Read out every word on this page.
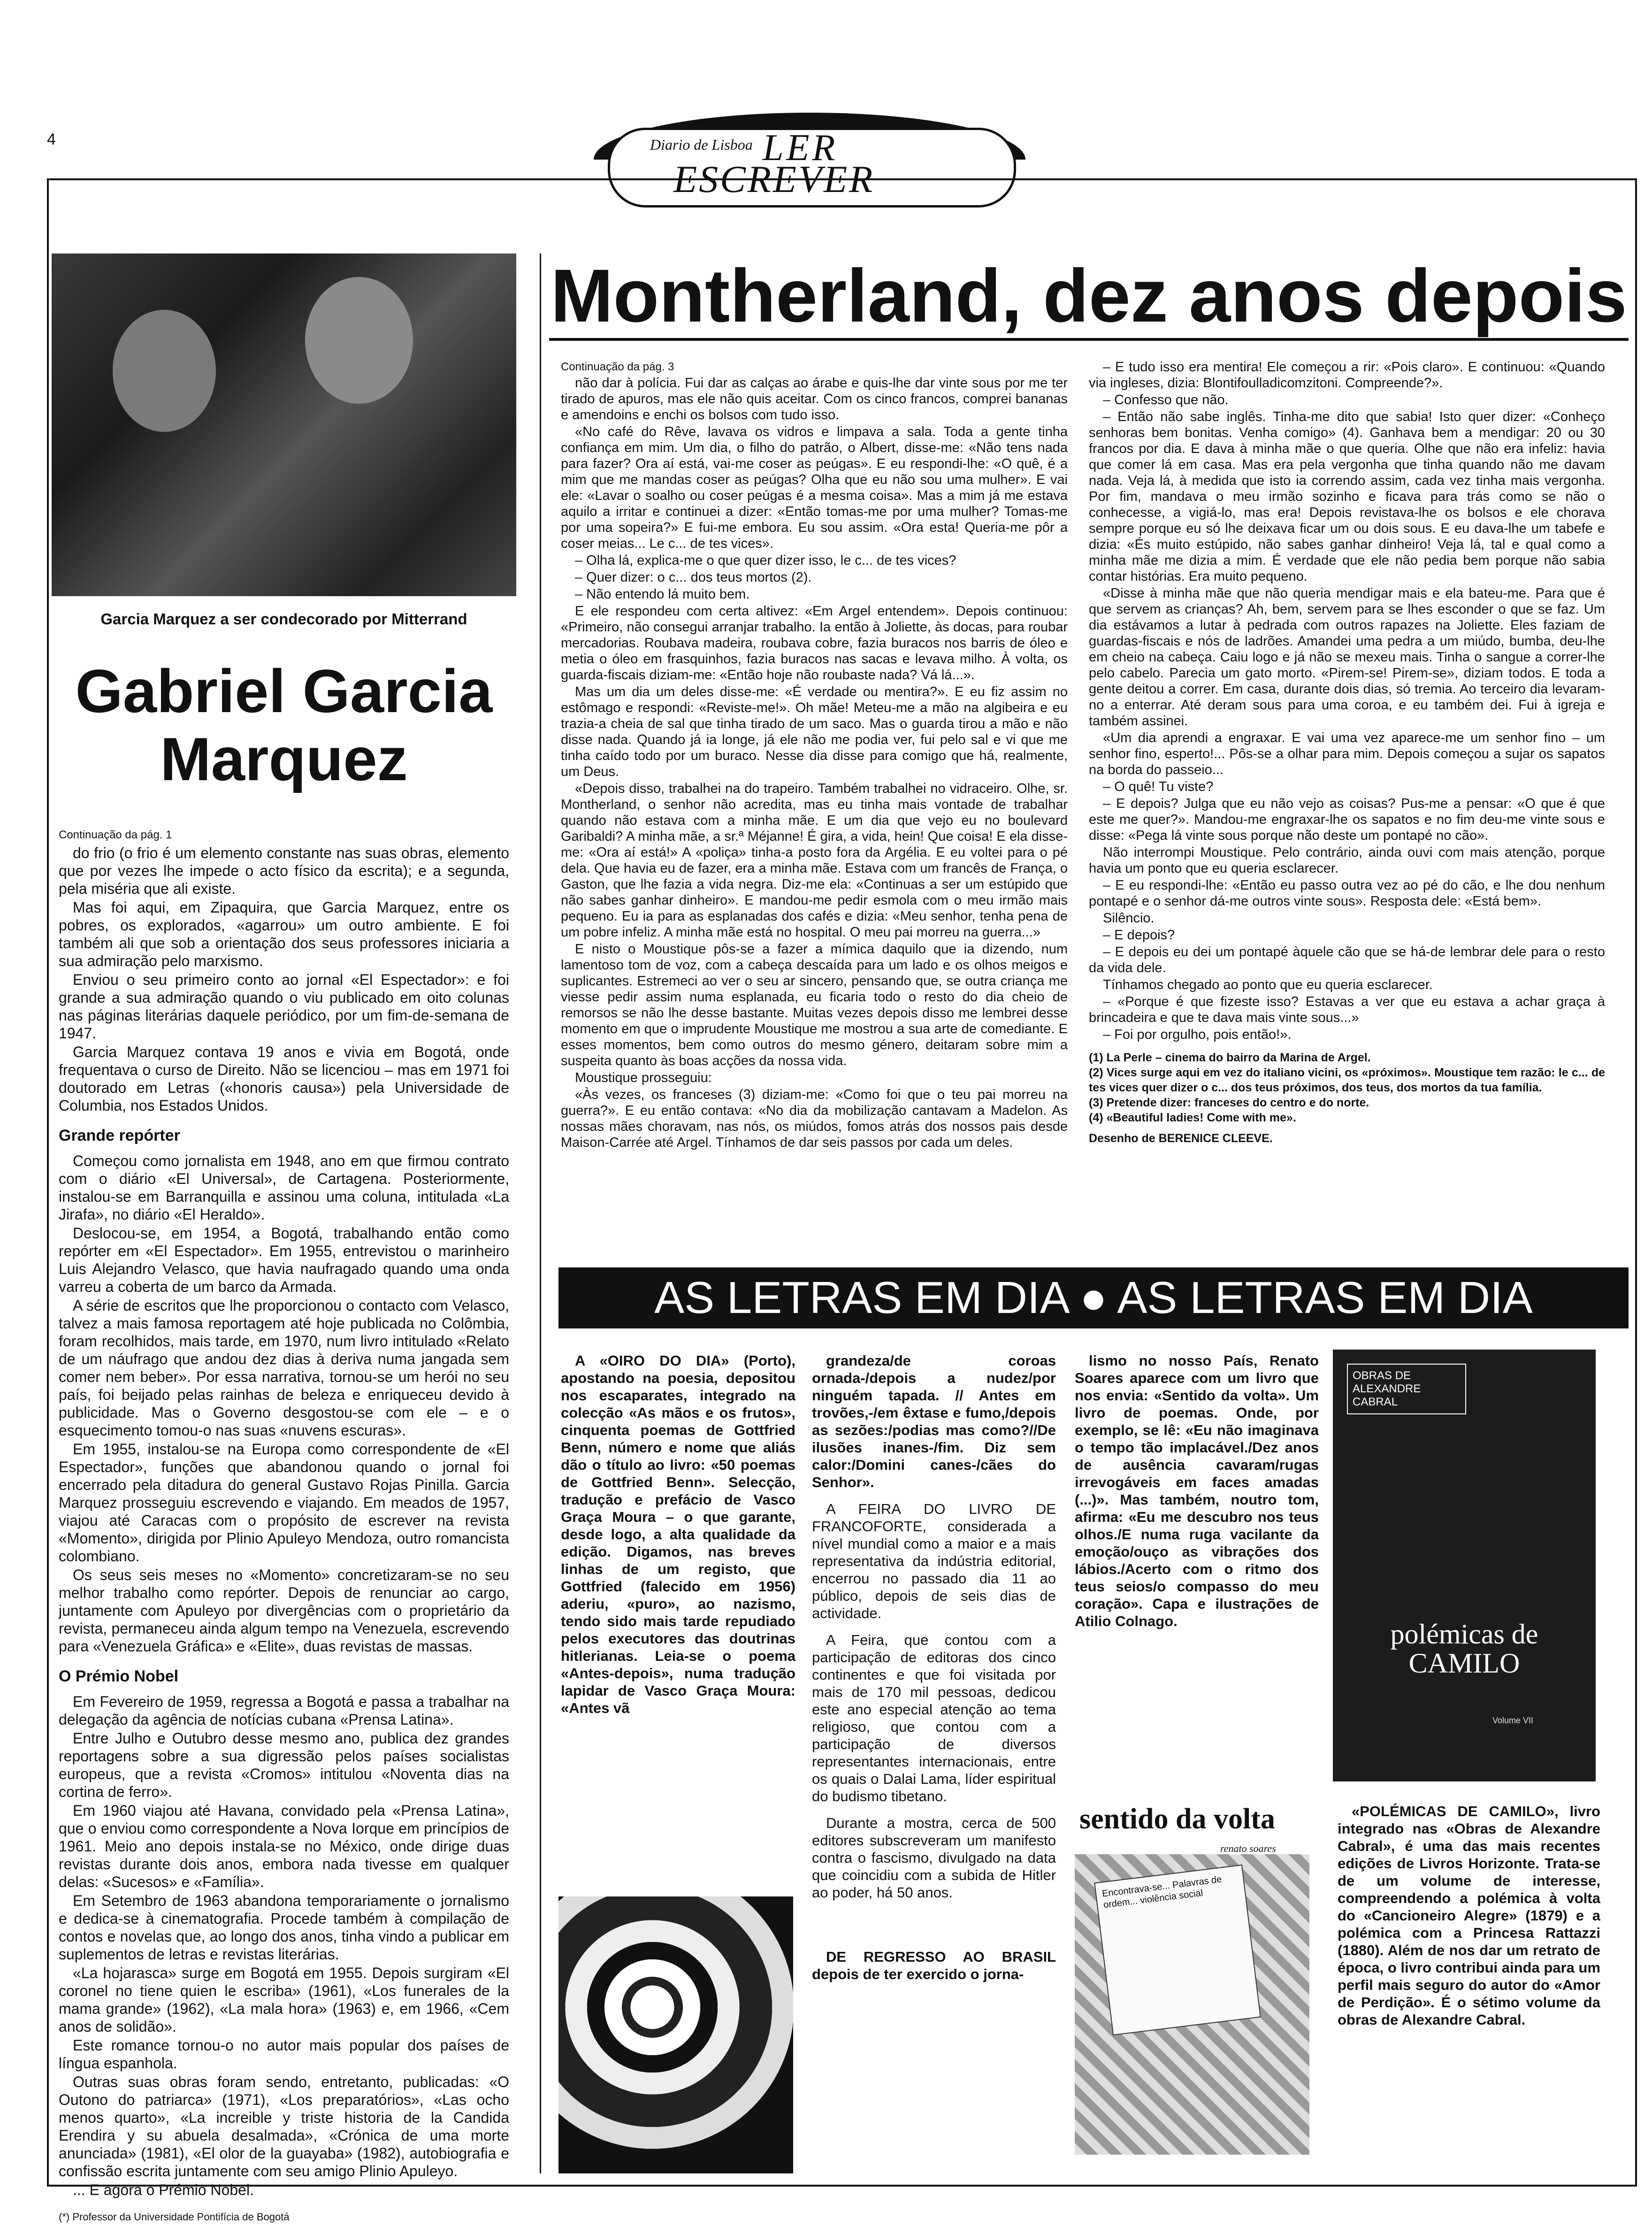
4	Diario de Lisboa LER
ESCREVER
Garcia Marquez a ser condecorado por Mitterrand
Gabriel Garcia Marquez
Continuação da pág. 1

do frio (o frio é um elemento constante nas suas obras, elemento que por vezes lhe impede o acto físico da escrita); e a segunda, pela miséria que ali existe.

Mas foi aqui, em Zipaquira, que Garcia Marquez, entre os pobres, os explorados, «agarrou» um outro ambiente. E foi também ali que sob a orientação dos seus professores iniciaria a sua admiração pelo marxismo.

Enviou o seu primeiro conto ao jornal «El Espectador»: e foi grande a sua admiração quando o viu publicado em oito colunas nas páginas literárias daquele periódico, por um fim-de-semana de 1947.

Garcia Marquez contava 19 anos e vivia em Bogotá, onde frequentava o curso de Direito. Não se licenciou – mas em 1971 foi doutorado em Letras («honoris causa») pela Universidade de Columbia, nos Estados Unidos.

Grande repórter

Começou como jornalista em 1948, ano em que firmou contrato com o diário «El Universal», de Cartagena. Posteriormente, instalou-se em Barranquilla e assinou uma coluna, intitulada «La Jirafa», no diário «El Heraldo».

Deslocou-se, em 1954, a Bogotá, trabalhando então como repórter em «El Espectador». Em 1955, entrevistou o marinheiro Luis Alejandro Velasco, que havia naufragado quando uma onda varreu a coberta de um barco da Armada.

A série de escritos que lhe proporcionou o contacto com Velasco, talvez a mais famosa reportagem até hoje publicada no Colômbia, foram recolhidos, mais tarde, em 1970, num livro intitulado «Relato de um náufrago que andou dez dias à deriva numa jangada sem comer nem beber». Por essa narrativa, tornou-se um herói no seu país, foi beijado pelas rainhas de beleza e enriqueceu devido à publicidade. Mas o Governo desgostou-se com ele – e o esquecimento tomou-o nas suas «nuvens escuras».

Em 1955, instalou-se na Europa como correspondente de «El Espectador», funções que abandonou quando o jornal foi encerrado pela ditadura do general Gustavo Rojas Pinilla. Garcia Marquez prosseguiu escrevendo e viajando. Em meados de 1957, viajou até Caracas com o propósito de escrever na revista «Momento», dirigida por Plinio Apuleyo Mendoza, outro romancista colombiano.

Os seus seis meses no «Momento» concretizaram-se no seu melhor trabalho como repórter. Depois de renunciar ao cargo, juntamente com Apuleyo por divergências com o proprietário da revista, permaneceu ainda algum tempo na Venezuela, escrevendo para «Venezuela Gráfica» e «Elite», duas revistas de massas.

O Prémio Nobel

Em Fevereiro de 1959, regressa a Bogotá e passa a trabalhar na delegação da agência de notícias cubana «Prensa Latina».

Entre Julho e Outubro desse mesmo ano, publica dez grandes reportagens sobre a sua digressão pelos países socialistas europeus, que a revista «Cromos» intitulou «Noventa dias na cortina de ferro».

Em 1960 viajou até Havana, convidado pela «Prensa Latina», que o enviou como correspondente a Nova Iorque em princípios de 1961. Meio ano depois instala-se no México, onde dirige duas revistas durante dois anos, embora nada tivesse em qualquer delas: «Sucesos» e «Família».

Em Setembro de 1963 abandona temporariamente o jornalismo e dedica-se à cinematografia. Procede também à compilação de contos e novelas que, ao longo dos anos, tinha vindo a publicar em suplementos de letras e revistas literárias.

«La hojarasca» surge em Bogotá em 1955. Depois surgiram «El coronel no tiene quien le escriba» (1961), «Los funerales de la mama grande» (1962), «La mala hora» (1963) e, em 1966, «Cem anos de solidão».

Este romance tornou-o no autor mais popular dos países de língua espanhola.

Outras suas obras foram sendo, entretanto, publicadas: «O Outono do patriarca» (1971), «Los preparatórios», «Las ocho menos quarto», «La increible y triste historia de la Candida Erendira y su abuela desalmada», «Crónica de uma morte anunciada» (1981), «El olor de la guayaba» (1982), autobiografia e confissão escrita juntamente com seu amigo Plinio Apuleyo.

... E agora o Prémio Nobel.

(*) Professor da Universidade Pontifícia de Bogotá
Montherland, dez anos depois
Continuação da pág. 3

não dar à polícia. Fui dar as calças ao árabe e quis-lhe dar vinte sous por me ter tirado de apuros, mas ele não quis aceitar. Com os cinco francos, comprei bananas e amendoins e enchi os bolsos com tudo isso.

«No café do Rêve, lavava os vidros e limpava a sala. Toda a gente tinha confiança em mim. Um dia, o filho do patrão, o Albert, disse-me: «Não tens nada para fazer? Ora aí está, vai-me coser as peúgas». E eu respondi-lhe: «O quê, é a mim que me mandas coser as peúgas? Olha que eu não sou uma mulher». E vai ele: «Lavar o soalho ou coser peúgas é a mesma coisa». Mas a mim já me estava aquilo a irritar e continuei a dizer: «Então tomas-me por uma mulher? Tomas-me por uma sopeira?» E fui-me embora. Eu sou assim. «Ora esta! Queria-me pôr a coser meias... Le c... de tes vices».

– Olha lá, explica-me o que quer dizer isso, le c... de tes vices?

– Quer dizer: o c... dos teus mortos (2).

– Não entendo lá muito bem.

E ele respondeu com certa altivez: «Em Argel entendem». Depois continuou: «Primeiro, não consegui arranjar trabalho. Ia então à Joliette, às docas, para roubar mercadorias. Roubava madeira, roubava cobre, fazia buracos nos barris de óleo e metia o óleo em frasquinhos, fazia buracos nas sacas e levava milho. À volta, os guarda-fiscais diziam-me: «Então hoje não roubaste nada? Vá lá...».

Mas um dia um deles disse-me: «É verdade ou mentira?». E eu fiz assim no estômago e respondi: «Reviste-me!». Oh mãe! Meteu-me a mão na algibeira e eu trazia-a cheia de sal que tinha tirado de um saco. Mas o guarda tirou a mão e não disse nada. Quando já ia longe, já ele não me podia ver, fui pelo sal e vi que me tinha caído todo por um buraco. Nesse dia disse para comigo que há, realmente, um Deus.

«Depois disso, trabalhei na do trapeiro. Também trabalhei no vidraceiro. Olhe, sr. Montherland, o senhor não acredita, mas eu tinha mais vontade de trabalhar quando não estava com a minha mãe. E um dia que vejo eu no boulevard Garibaldi? A minha mãe, a sr.ª Méjanne! É gira, a vida, hein! Que coisa! E ela disse-me: «Ora aí está!» A «poliça» tinha-a posto fora da Argélia. E eu voltei para o pé dela. Que havia eu de fazer, era a minha mãe. Estava com um francês de França, o Gaston, que lhe fazia a vida negra. Diz-me ela: «Continuas a ser um estúpido que não sabes ganhar dinheiro». E mandou-me pedir esmola com o meu irmão mais pequeno. Eu ia para as esplanadas dos cafés e dizia: «Meu senhor, tenha pena de um pobre infeliz. A minha mãe está no hospital. O meu pai morreu na guerra...»

E nisto o Moustique pôs-se a fazer a mímica daquilo que ia dizendo, num lamentoso tom de voz, com a cabeça descaída para um lado e os olhos meigos e suplicantes. Estremeci ao ver o seu ar sincero, pensando que, se outra criança me viesse pedir assim numa esplanada, eu ficaria todo o resto do dia cheio de remorsos se não lhe desse bastante. Muitas vezes depois disso me lembrei desse momento em que o imprudente Moustique me mostrou a sua arte de comediante. E esses momentos, bem como outros do mesmo género, deitaram sobre mim a suspeita quanto às boas acções da nossa vida.

Moustique prosseguiu:

«Às vezes, os franceses (3) diziam-me: «Como foi que o teu pai morreu na guerra?». E eu então contava: «No dia da mobilização cantavam a Madelon. As nossas mães choravam, nas nós, os miúdos, fomos atrás dos nossos pais desde Maison-Carrée até Argel. Tínhamos de dar seis passos por cada um deles.

– E tudo isso era mentira! Ele começou a rir: «Pois claro». E continuou: «Quando via ingleses, dizia: Blontifoulladicomzitoni. Compreende?».

– Confesso que não.

– Então não sabe inglês. Tinha-me dito que sabia! Isto quer dizer: «Conheço senhoras bem bonitas. Venha comigo» (4). Ganhava bem a mendigar: 20 ou 30 francos por dia. E dava à minha mãe o que queria. Olhe que não era infeliz: havia que comer lá em casa. Mas era pela vergonha que tinha quando não me davam nada. Veja lá, à medida que isto ia correndo assim, cada vez tinha mais vergonha. Por fim, mandava o meu irmão sozinho e ficava para trás como se não o conhecesse, a vigiá-lo, mas era! Depois revistava-lhe os bolsos e ele chorava sempre porque eu só lhe deixava ficar um ou dois sous. E eu dava-lhe um tabefe e dizia: «És muito estúpido, não sabes ganhar dinheiro! Veja lá, tal e qual como a minha mãe me dizia a mim. É verdade que ele não pedia bem porque não sabia contar histórias. Era muito pequeno.

«Disse à minha mãe que não queria mendigar mais e ela bateu-me. Para que é que servem as crianças? Ah, bem, servem para se lhes esconder o que se faz. Um dia estávamos a lutar à pedrada com outros rapazes na Joliette. Eles faziam de guardas-fiscais e nós de ladrões. Amandei uma pedra a um miúdo, bumba, deu-lhe em cheio na cabeça. Caiu logo e já não se mexeu mais. Tinha o sangue a correr-lhe pelo cabelo. Parecia um gato morto. «Pirem-se! Pirem-se», diziam todos. E toda a gente deitou a correr. Em casa, durante dois dias, só tremia. Ao terceiro dia levaram-no a enterrar. Até deram sous para uma coroa, e eu também dei. Fui à igreja e também assinei.

«Um dia aprendi a engraxar. E vai uma vez aparece-me um senhor fino – um senhor fino, esperto!... Pôs-se a olhar para mim. Depois começou a sujar os sapatos na borda do passeio...

– O quê! Tu viste?

– E depois? Julga que eu não vejo as coisas? Pus-me a pensar: «O que é que este me quer?». Mandou-me engraxar-lhe os sapatos e no fim deu-me vinte sous e disse: «Pega lá vinte sous porque não deste um pontapé no cão».

Não interrompi Moustique. Pelo contrário, ainda ouvi com mais atenção, porque havia um ponto que eu queria esclarecer.

– E eu respondi-lhe: «Então eu passo outra vez ao pé do cão, e lhe dou nenhum pontapé e o senhor dá-me outros vinte sous». Resposta dele: «Está bem».

Silêncio.

– E depois?

– E depois eu dei um pontapé àquele cão que se há-de lembrar dele para o resto da vida dele.

Tínhamos chegado ao ponto que eu queria esclarecer.

– «Porque é que fizeste isso? Estavas a ver que eu estava a achar graça à brincadeira e que te dava mais vinte sous...»

– Foi por orgulho, pois então!».

(1) La Perle – cinema do bairro da Marina de Argel.
(2) Vices surge aqui em vez do italiano vicini, os «próximos». Moustique tem razão: le c... de tes vices quer dizer o c... dos teus próximos, dos teus, dos mortos da tua família.
(3) Pretende dizer: franceses do centro e do norte.
(4) «Beautiful ladies! Come with me».
Desenho de BERENICE CLEEVE.
AS LETRAS EM DIA ● AS LETRAS EM DIA

A «OIRO DO DIA» (Porto), apostando na poesia, depositou nos escaparates, integrado na colecção «As mãos e os frutos», cinquenta poemas de Gottfried Benn, número e nome que aliás dão o título ao livro: «50 poemas de Gottfried Benn». Selecção, tradução e prefácio de Vasco Graça Moura – o que garante, desde logo, a alta qualidade da edição. Digamos, nas breves linhas de um registo, que Gottfried (falecido em 1956) aderiu, «puro», ao nazismo, tendo sido mais tarde repudiado pelos executores das doutrinas hitlerianas. Leia-se o poema «Antes-depois», numa tradução lapidar de Vasco Graça Moura: «Antes vã

grandeza/de coroas ornada-/depois a nudez/por ninguém tapada. // Antes em trovões,-/em êxtase e fumo,/depois as sezões:/podias mas como?//De ilusões inanes-/fim. Diz sem calor:/Domini canes-/cães do Senhor».

A FEIRA DO LIVRO DE FRANCOFORTE, considerada a nível mundial como a maior e a mais representativa da indústria editorial, encerrou no passado dia 11 ao público, depois de seis dias de actividade.

A Feira, que contou com a participação de editoras dos cinco continentes e que foi visitada por mais de 170 mil pessoas, dedicou este ano especial atenção ao tema religioso, que contou com a participação de diversos representantes internacionais, entre os quais o Dalai Lama, líder espiritual do budismo tibetano.

Durante a mostra, cerca de 500 editores subscreveram um manifesto contra o fascismo, divulgado na data que coincidiu com a subida de Hitler ao poder, há 50 anos.

DE REGRESSO AO BRASIL depois de ter exercido o jorna-

lismo no nosso País, Renato Soares aparece com um livro que nos envia: «Sentido da volta». Um livro de poemas. Onde, por exemplo, se lê: «Eu não imaginava o tempo tão implacável./Dez anos de ausência cavaram/rugas irrevogáveis em faces amadas (...)». Mas também, noutro tom, afirma: «Eu me descubro nos teus olhos./E numa ruga vacilante da emoção/ouço as vibrações dos lábios./Acerto com o ritmo dos teus seios/o compasso do meu coração». Capa e ilustrações de Atilio Colnago.

OBRAS DE ALEXANDRE CABRAL
polémicas de CAMILO
Volume VII
sentido da volta
renato soares
Encontrava-se... Palavras de ordem... violência social

«POLÉMICAS DE CAMILO», livro integrado nas «Obras de Alexandre Cabral», é uma das mais recentes edições de Livros Horizonte. Trata-se de um volume de interesse, compreendendo a polémica à volta do «Cancioneiro Alegre» (1879) e a polémica com a Princesa Rattazzi (1880). Além de nos dar um retrato de época, o livro contribui ainda para um perfil mais seguro do autor do «Amor de Perdição». É o sétimo volume da obras de Alexandre Cabral.
